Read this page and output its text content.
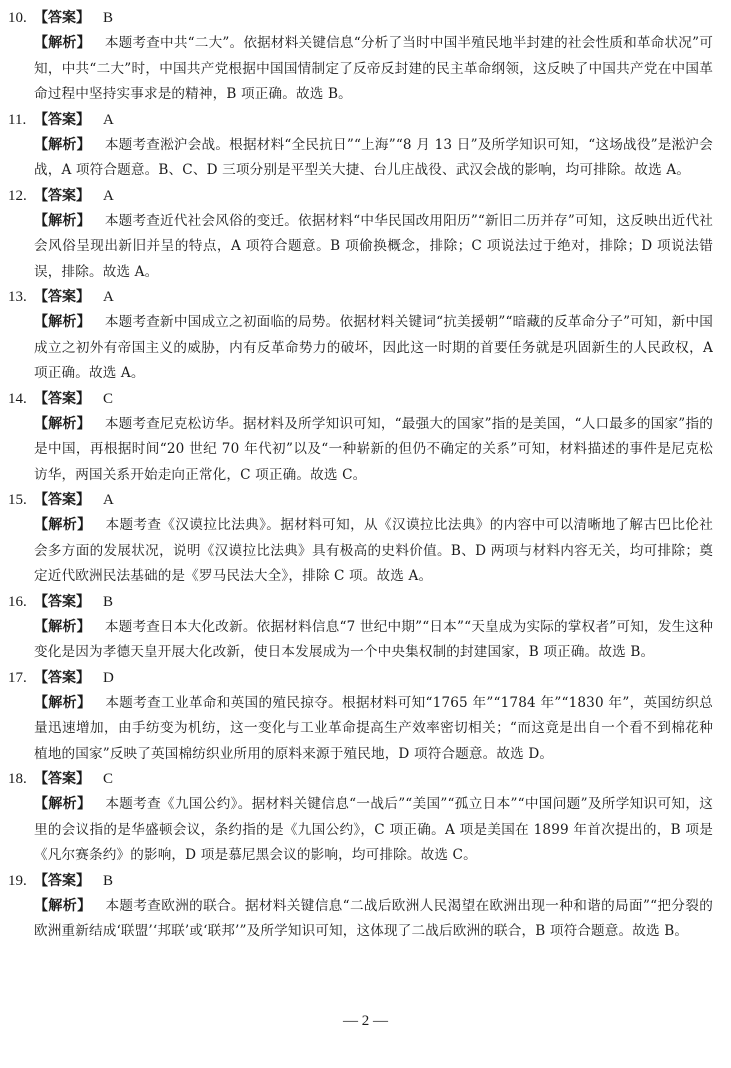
10. 【答案】 B
【解析】 本题考查中共“二大”。依据材料关键信息“分析了当时中国半殖民地半封建的社会性质和革命状况”可知，中共“二大”时，中国共产党根据中国国情制定了反帝反封建的民主革命纲领，这反映了中国共产党在中国革命过程中坚持实事求是的精神，B 项正确。故选 B。
11. 【答案】 A
【解析】 本题考查淞沪会战。根据材料“全民抗日”“上海”“8 月 13 日”及所学知识可知，“这场战役”是淞沪会战，A 项符合题意。B、C、D 三项分别是平型关大捷、台儿庄战役、武汉会战的影响，均可排除。故选 A。
12. 【答案】 A
【解析】 本题考查近代社会风俗的变迁。依据材料“中华民国改用阳历”“新旧二历并存”可知，这反映出近代社会风俗呈现出新旧并呈的特点，A 项符合题意。B 项偷换概念，排除；C 项说法过于绝对，排除；D 项说法错误，排除。故选 A。
13. 【答案】 A
【解析】 本题考查新中国成立之初面临的局势。依据材料关键词“抗美援朝”“暗藏的反革命分子”可知，新中国成立之初外有帝国主义的威胁，内有反革命势力的破坏，因此这一时期的首要任务就是巩固新生的人民政权，A 项正确。故选 A。
14. 【答案】 C
【解析】 本题考查尼克松访华。据材料及所学知识可知，“最强大的国家”指的是美国，“人口最多的国家”指的是中国，再根据时间“20 世纪 70 年代初”以及“一种崭新的但仍不确定的关系”可知，材料描述的事件是尼克松访华，两国关系开始走向正常化，C 项正确。故选 C。
15. 【答案】 A
【解析】 本题考查《汉谟拉比法典》。据材料可知，从《汉谟拉比法典》的内容中可以清晰地了解古巴比伦社会多方面的发展状况，说明《汉谟拉比法典》具有极高的史料价值。B、D 两项与材料内容无关，均可排除；奠定近代欧洲民法基础的是《罗马民法大全》，排除 C 项。故选 A。
16. 【答案】 B
【解析】 本题考查日本大化改新。依据材料信息“7 世纪中期”“日本”“天皇成为实际的掌权者”可知，发生这种变化是因为孝德天皇开展大化改新，使日本发展成为一个中央集权制的封建国家，B 项正确。故选 B。
17. 【答案】 D
【解析】 本题考查工业革命和英国的殖民掠夺。根据材料可知“1765 年”“1784 年”“1830 年”，英国纺织总量迅速增加，由手纺变为机纺，这一变化与工业革命提高生产效率密切相关；“而这竟是出自一个看不到棉花种植地的国家”反映了英国棉纺织业所用的原料来源于殖民地，D 项符合题意。故选 D。
18. 【答案】 C
【解析】 本题考查《九国公约》。据材料关键信息“一战后”“美国”“孤立日本”“中国问题”及所学知识可知，这里的会议指的是华盛顿会议，条约指的是《九国公约》，C 项正确。A 项是美国在 1899 年首次提出的，B 项是《凡尔赛条约》的影响，D 项是慕尼黑会议的影响，均可排除。故选 C。
19. 【答案】 B
【解析】 本题考查欧洲的联合。据材料关键信息“二战后欧洲人民渴望在欧洲出现一种和谐的局面”“把分裂的欧洲重新结成‘联盟’‘邦联’或‘联邦’”及所学知识可知，这体现了二战后欧洲的联合，B 项符合题意。故选 B。
— 2 —
